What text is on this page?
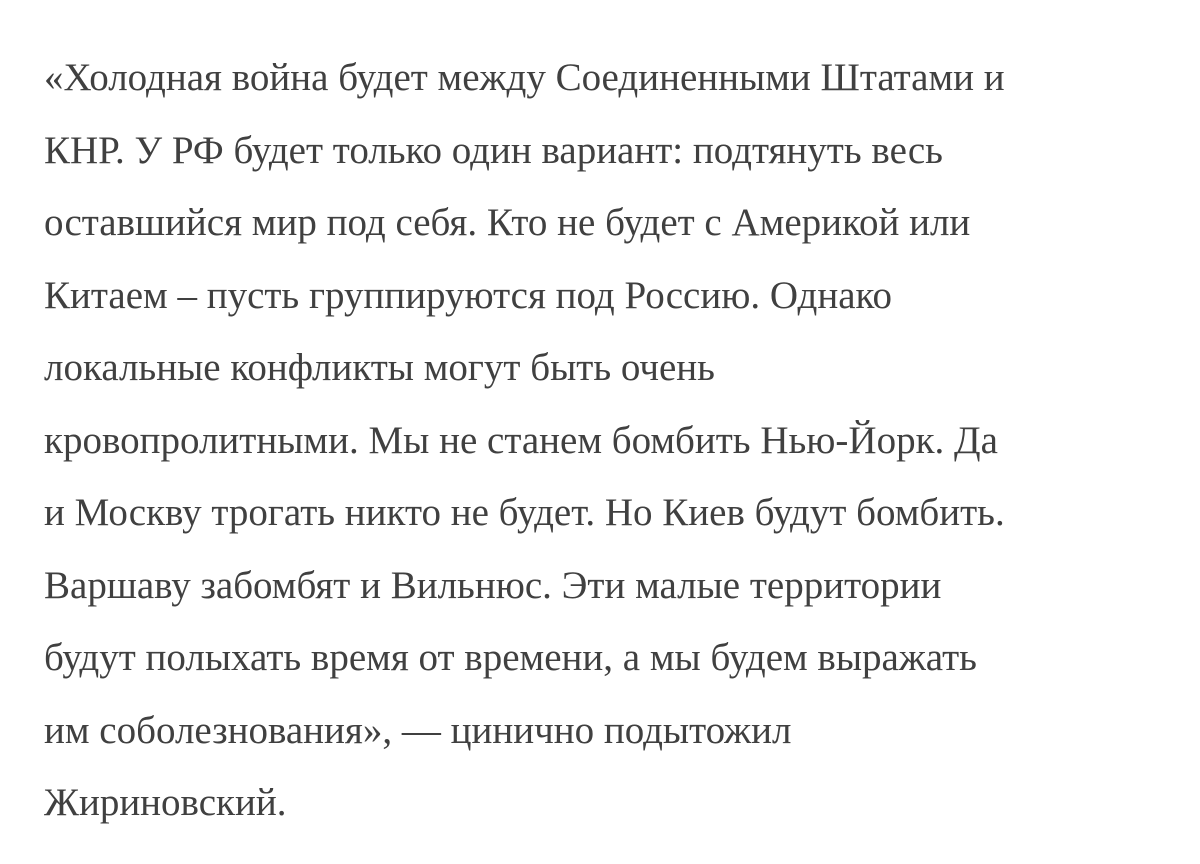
«Холодная война будет между Соединенными Штатами и
КНР. У РФ будет только один вариант: подтянуть весь
оставшийся мир под себя. Кто не будет с Америкой или
Китаем – пусть группируются под Россию. Однако
локальные конфликты могут быть очень
кровопролитными. Мы не станем бомбить Нью-Йорк. Да
и Москву трогать никто не будет. Но Киев будут бомбить.
Варшаву забомбят и Вильнюс. Эти малые территории
будут полыхать время от времени, а мы будем выражать
им соболезнования», — цинично подытожил
Жириновский.
